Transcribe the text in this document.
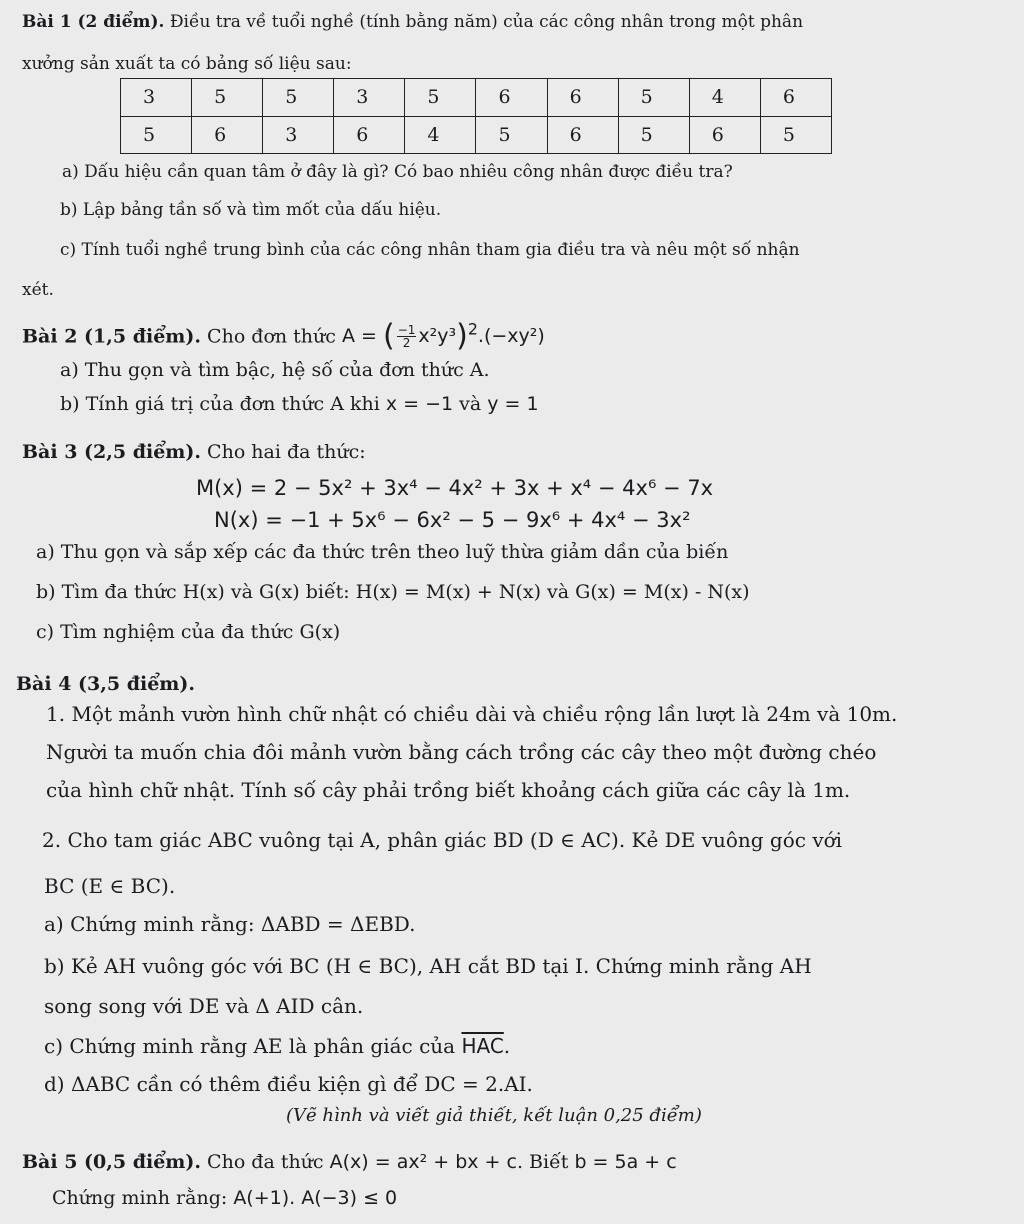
Bài 1 (2 điểm). Điều tra về tuổi nghề (tính bằng năm) của các công nhân trong một phân
xưởng sản xuất ta có bảng số liệu sau:
3	5	5	3	5	6	6	5	4	6
5	6	3	6	4	5	6	5	6	5
a) Dấu hiệu cần quan tâm ở đây là gì? Có bao nhiêu công nhân được điều tra?
b) Lập bảng tần số và tìm mốt của dấu hiệu.
c) Tính tuổi nghề trung bình của các công nhân tham gia điều tra và nêu một số nhận
xét.
Bài 2 (1,5 điểm). Cho đơn thức A = ( $\frac{-1}{2} x^2y^3)^2.(-xy^2)$
a) Thu gọn và tìm bậc, hệ số của đơn thức A.
b) Tính giá trị của đơn thức A khi x = −1 và y = 1
Bài 3 (2,5 điểm). Cho hai đa thức:
M(x) = 2 − 5x² + 3x⁴ − 4x² + 3x + x⁴ − 4x⁶ − 7x
N(x) = −1 + 5x⁶ − 6x² − 5 − 9x⁶ + 4x⁴ − 3x²
a) Thu gọn và sắp xếp các đa thức trên theo luỹ thừa giảm dần của biến
b) Tìm đa thức H(x) và G(x) biết: H(x) = M(x) + N(x) và G(x) = M(x) - N(x)
c) Tìm nghiệm của đa thức G(x)
Bài 4 (3,5 điểm).
1. Một mảnh vườn hình chữ nhật có chiều dài và chiều rộng lần lượt là 24m và 10m.
Người ta muốn chia đôi mảnh vườn bằng cách trồng các cây theo một đường chéo
của hình chữ nhật. Tính số cây phải trồng biết khoảng cách giữa các cây là 1m.
2. Cho tam giác ABC vuông tại A, phân giác BD (D ∈ AC). Kẻ DE vuông góc với
BC (E ∈ BC).
a) Chứng minh rằng: ΔABD = ΔEBD.
b) Kẻ AH vuông góc với BC (H ∈ BC), AH cắt BD tại I. Chứng minh rằng AH
song song với DE và Δ AID cân.
c) Chứng minh rằng AE là phân giác của $\overline{HAC}$.
d) ΔABC cần có thêm điều kiện gì để DC = 2.AI.
(Vẽ hình và viết giả thiết, kết luận 0,25 điểm)
Bài 5 (0,5 điểm). Cho đa thức A(x) = ax² + bx + c. Biết b = 5a + c
Chứng minh rằng: A(+1). A(−3) ≤ 0
